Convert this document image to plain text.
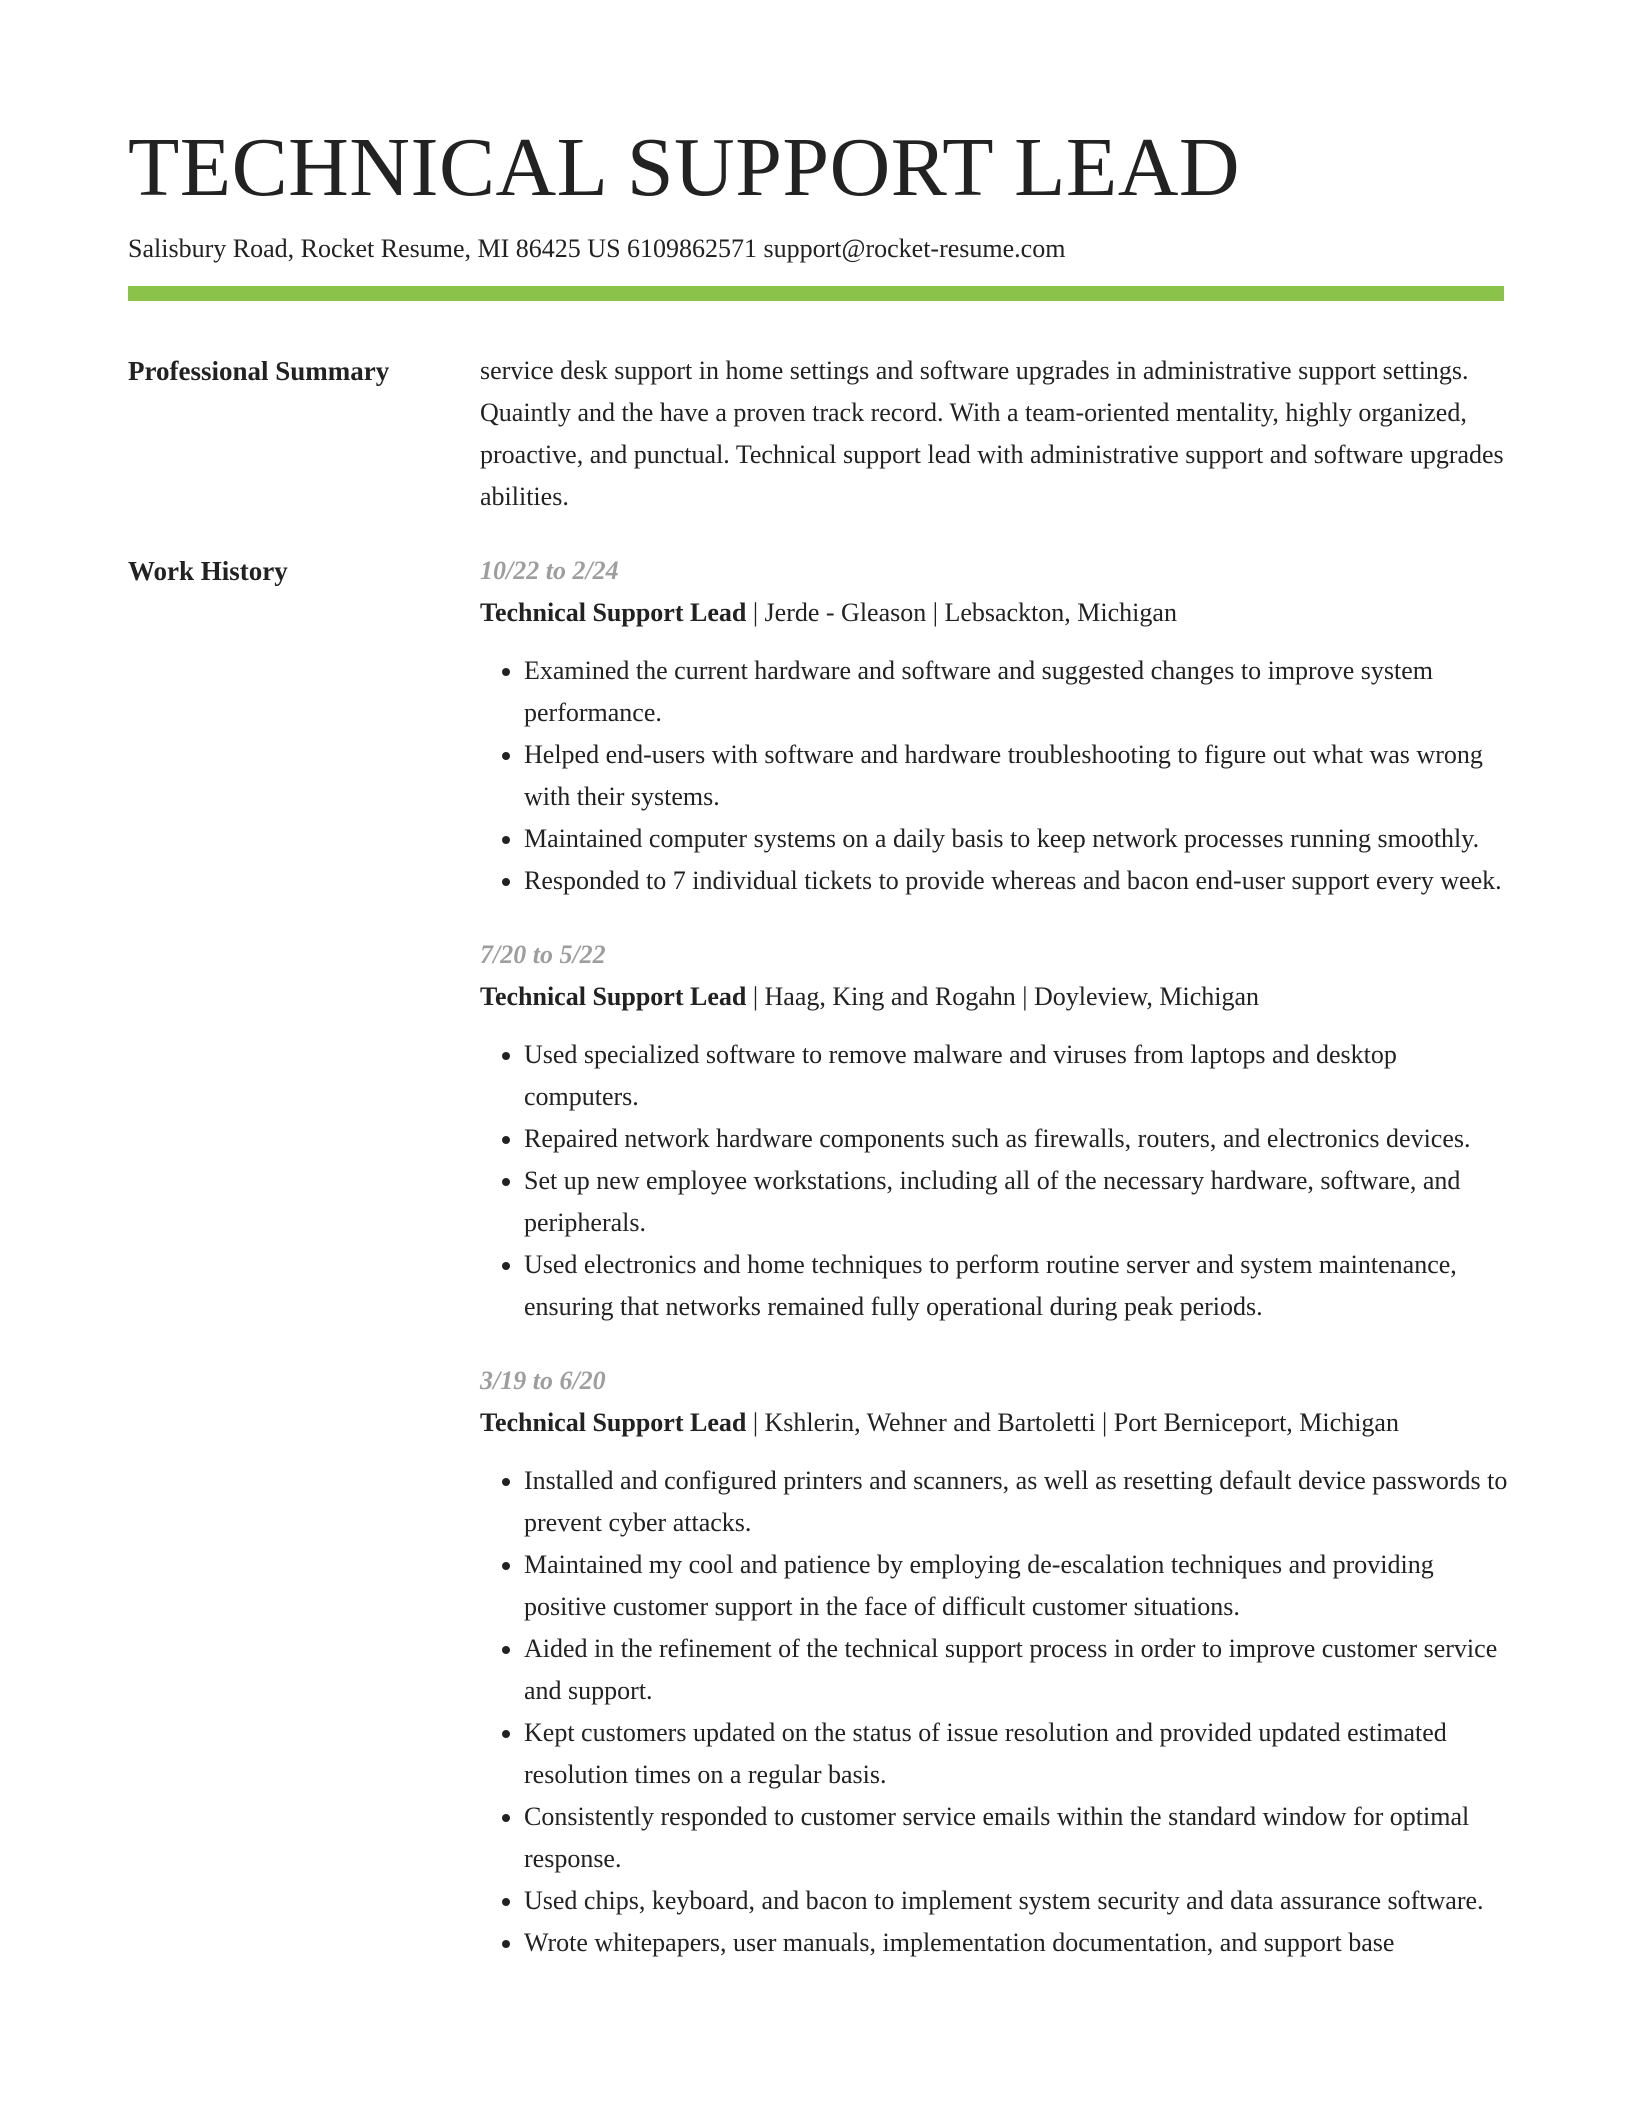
TECHNICAL SUPPORT LEAD
Salisbury Road, Rocket Resume, MI 86425 US 6109862571 support@rocket-resume.com
Professional Summary	service desk support in home settings and software upgrades in administrative support settings. Quaintly and the have a proven track record. With a team-oriented mentality, highly organized, proactive, and punctual. Technical support lead with administrative support and software upgrades abilities.

Work History	10/22 to 2/24
Technical Support Lead | Jerde - Gleason | Lebsackton, Michigan
• Examined the current hardware and software and suggested changes to improve system performance.
• Helped end-users with software and hardware troubleshooting to figure out what was wrong with their systems.
• Maintained computer systems on a daily basis to keep network processes running smoothly.
• Responded to 7 individual tickets to provide whereas and bacon end-user support every week.
7/20 to 5/22
Technical Support Lead | Haag, King and Rogahn | Doyleview, Michigan
• Used specialized software to remove malware and viruses from laptops and desktop computers.
• Repaired network hardware components such as firewalls, routers, and electronics devices.
• Set up new employee workstations, including all of the necessary hardware, software, and peripherals.
• Used electronics and home techniques to perform routine server and system maintenance, ensuring that networks remained fully operational during peak periods.
3/19 to 6/20
Technical Support Lead | Kshlerin, Wehner and Bartoletti | Port Berniceport, Michigan
• Installed and configured printers and scanners, as well as resetting default device passwords to prevent cyber attacks.
• Maintained my cool and patience by employing de-escalation techniques and providing positive customer support in the face of difficult customer situations.
• Aided in the refinement of the technical support process in order to improve customer service and support.
• Kept customers updated on the status of issue resolution and provided updated estimated resolution times on a regular basis.
• Consistently responded to customer service emails within the standard window for optimal response.
• Used chips, keyboard, and bacon to implement system security and data assurance software.
• Wrote whitepapers, user manuals, implementation documentation, and support base
